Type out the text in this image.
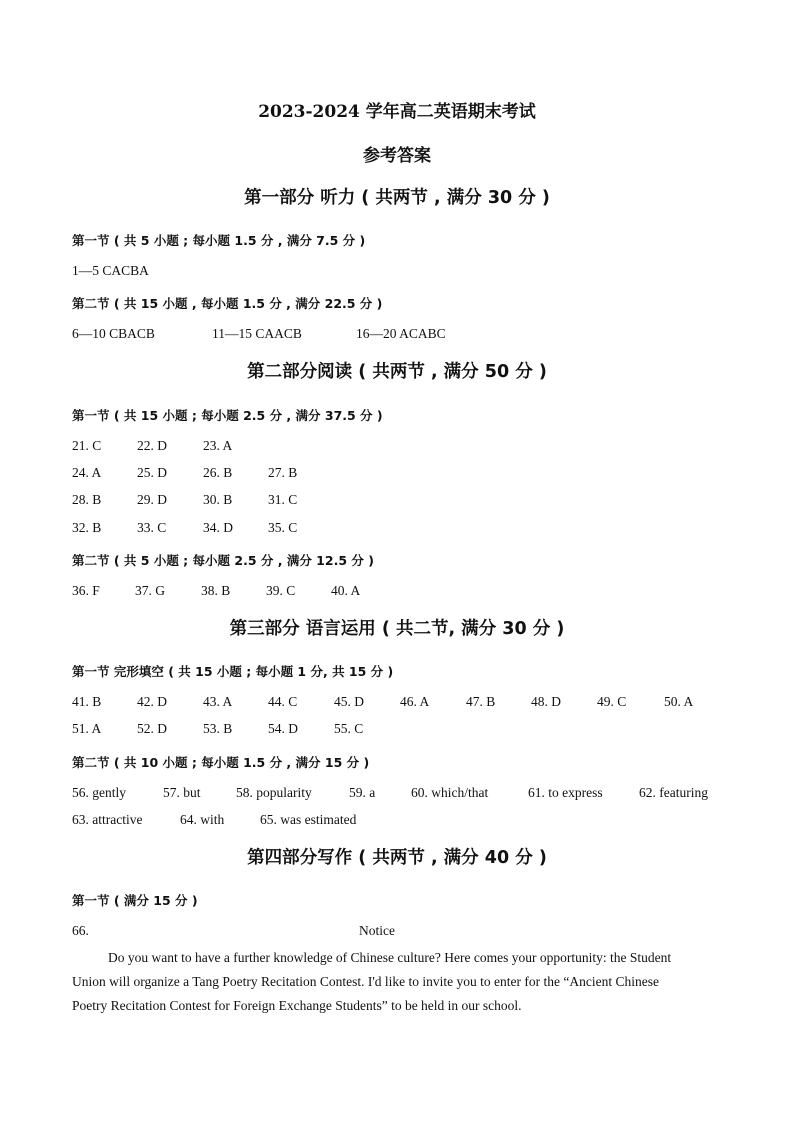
2023-2024 学年高二英语期末考试
参考答案
第一部分 听力 ( 共两节 , 满分 30 分 )
第一节 ( 共 5 小题 ; 每小题 1.5 分 , 满分 7.5 分 )
1—5 CACBA
第二节 ( 共 15 小题 , 每小题 1.5 分 , 满分 22.5 分 )
6—10 CBACB	11—15 CAACB	16—20 ACABC
第二部分阅读 ( 共两节 , 满分 50 分 )
第一节 ( 共 15 小题 ; 每小题 2.5 分 , 满分 37.5 分 )
21. C	22. D	23. A
24. A	25. D	26. B	27. B
28. B	29. D	30. B	31. C
32. B	33. C	34. D	35. C
第二节 ( 共 5 小题 ; 每小题 2.5 分 , 满分 12.5 分 )
36. F	37. G	38. B	39. C	40. A
第三部分 语言运用 ( 共二节, 满分 30 分 )
第一节 完形填空 ( 共 15 小题 ; 每小题 1 分, 共 15 分 )
41. B	42. D	43. A	44. C	45. D	46. A	47. B	48. D	49. C	50. A
51. A	52. D	53. B	54. D	55. C
第二节 ( 共 10 小题 ; 每小题 1.5 分 , 满分 15 分 )
56. gently	57. but	58. popularity	59. a	60. which/that	61. to express	62. featuring
63. attractive	64. with	65. was estimated
第四部分写作 ( 共两节 , 满分 40 分 )
第一节 ( 满分 15 分 )
66.	Notice
Do you want to have a further knowledge of Chinese culture? Here comes your opportunity: the Student
Union will organize a Tang Poetry Recitation Contest. I'd like to invite you to enter for the “Ancient Chinese
Poetry Recitation Contest for Foreign Exchange Students” to be held in our school.
